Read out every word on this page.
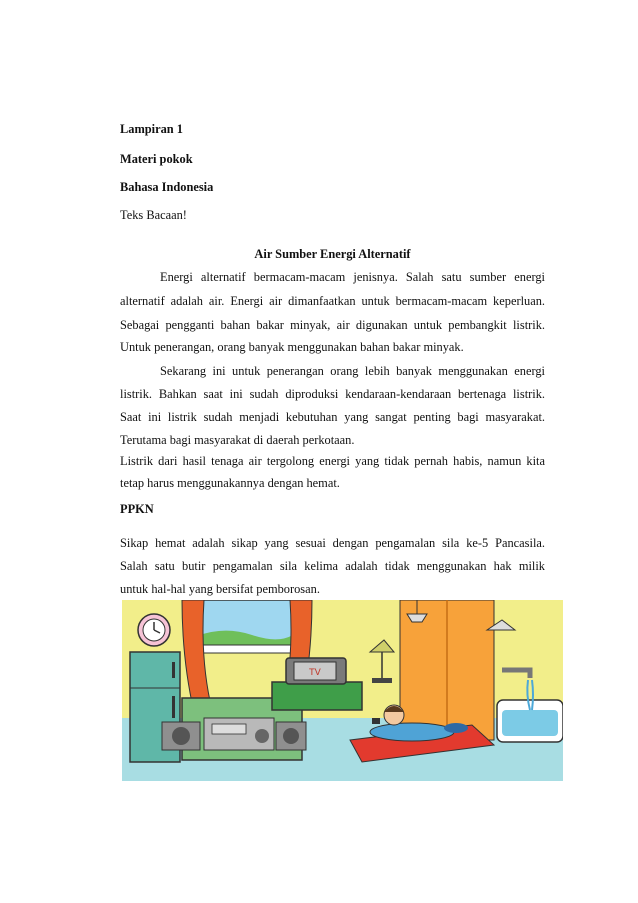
Lampiran 1
Materi pokok
Bahasa Indonesia
Teks Bacaan!
Air Sumber Energi Alternatif
Energi alternatif bermacam-macam jenisnya. Salah satu sumber energi
alternatif adalah air. Energi air dimanfaatkan untuk bermacam-macam keperluan.
Sebagai pengganti bahan bakar minyak, air digunakan untuk pembangkit listrik.
Untuk penerangan, orang banyak menggunakan bahan bakar minyak.
Sekarang ini untuk penerangan orang lebih banyak menggunakan energi
listrik. Bahkan saat ini sudah diproduksi kendaraan-kendaraan bertenaga listrik.
Saat ini listrik sudah menjadi kebutuhan yang sangat penting bagi masyarakat.
Terutama bagi masyarakat di daerah perkotaan.
Listrik dari hasil tenaga air tergolong energi yang tidak pernah habis, namun kita
tetap harus menggunakannya dengan hemat.
PPKN
Sikap hemat adalah sikap yang sesuai dengan pengamalan sila ke-5 Pancasila.
Salah satu butir pengamalan sila kelima adalah tidak menggunakan hak milik
untuk hal-hal yang bersifat pemborosan.
TV
